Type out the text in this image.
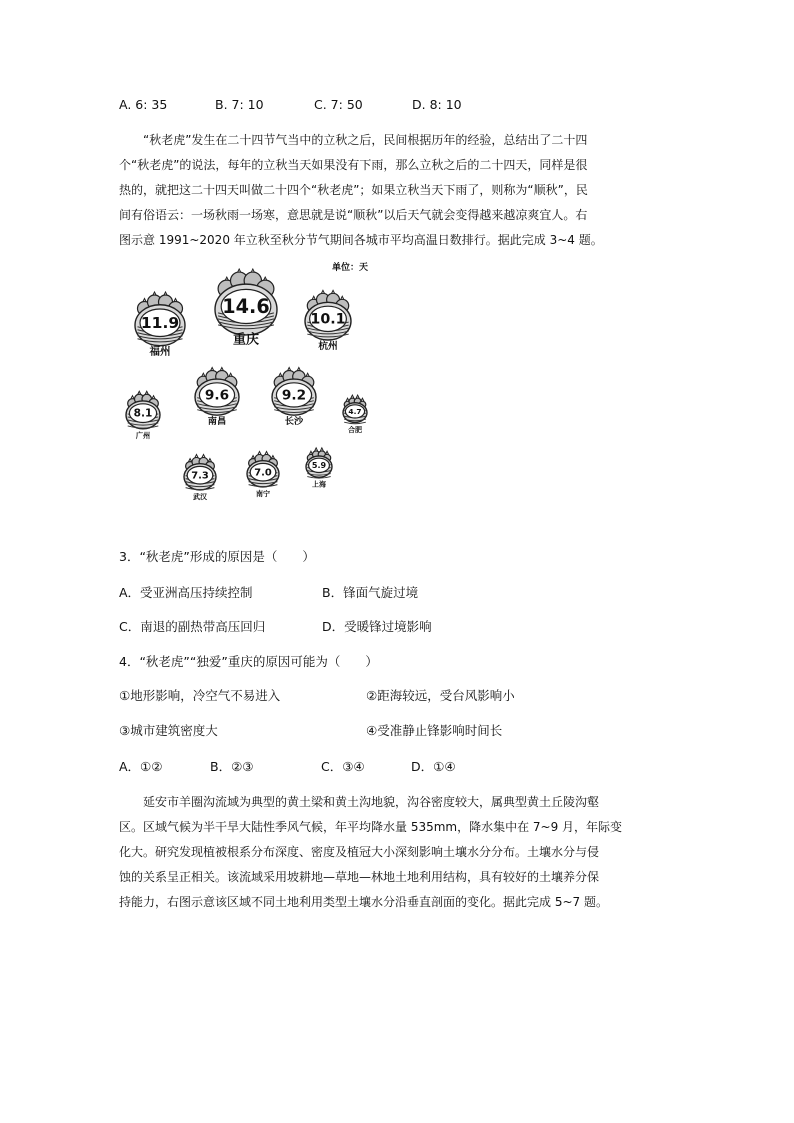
A. 6: 35	B. 7: 10	C. 7: 50	D. 8: 10
“秋老虎”发生在二十四节气当中的立秋之后，民间根据历年的经验，总结出了二十四
个“秋老虎”的说法，每年的立秋当天如果没有下雨，那么立秋之后的二十四天，同样是很
热的，就把这二十四天叫做二十四个“秋老虎”；如果立秋当天下雨了，则称为“顺秋”，民
间有俗语云：一场秋雨一场寒，意思就是说“顺秋”以后天气就会变得越来越凉爽宜人。右
图示意 1991~2020 年立秋至秋分节气期间各城市平均高温日数排行。据此完成 3~4 题。
单位：天
11.9
福州
14.6
重庆
10.1
杭州
8.1
广州
9.6
南昌
9.2
长沙
4.7
合肥
7.3
武汉
7.0
南宁
5.9
上海
3．“秋老虎”形成的原因是（　　）
A．受亚洲高压持续控制	B．锋面气旋过境
C．南退的副热带高压回归	D．受暖锋过境影响
4．“秋老虎”“独爱”重庆的原因可能为（　　）
①地形影响，冷空气不易进入	②距海较远，受台风影响小
③城市建筑密度大	④受准静止锋影响时间长
A．①②	B．②③	C．③④	D．①④
延安市羊圈沟流域为典型的黄土梁和黄土沟地貌，沟谷密度较大，属典型黄土丘陵沟壑
区。区域气候为半干旱大陆性季风气候，年平均降水量 535mm，降水集中在 7~9 月，年际变
化大。研究发现植被根系分布深度、密度及植冠大小深刻影响土壤水分分布。土壤水分与侵
蚀的关系呈正相关。该流域采用坡耕地—草地—林地土地利用结构，具有较好的土壤养分保
持能力，右图示意该区域不同土地利用类型土壤水分沿垂直剖面的变化。据此完成 5~7 题。
